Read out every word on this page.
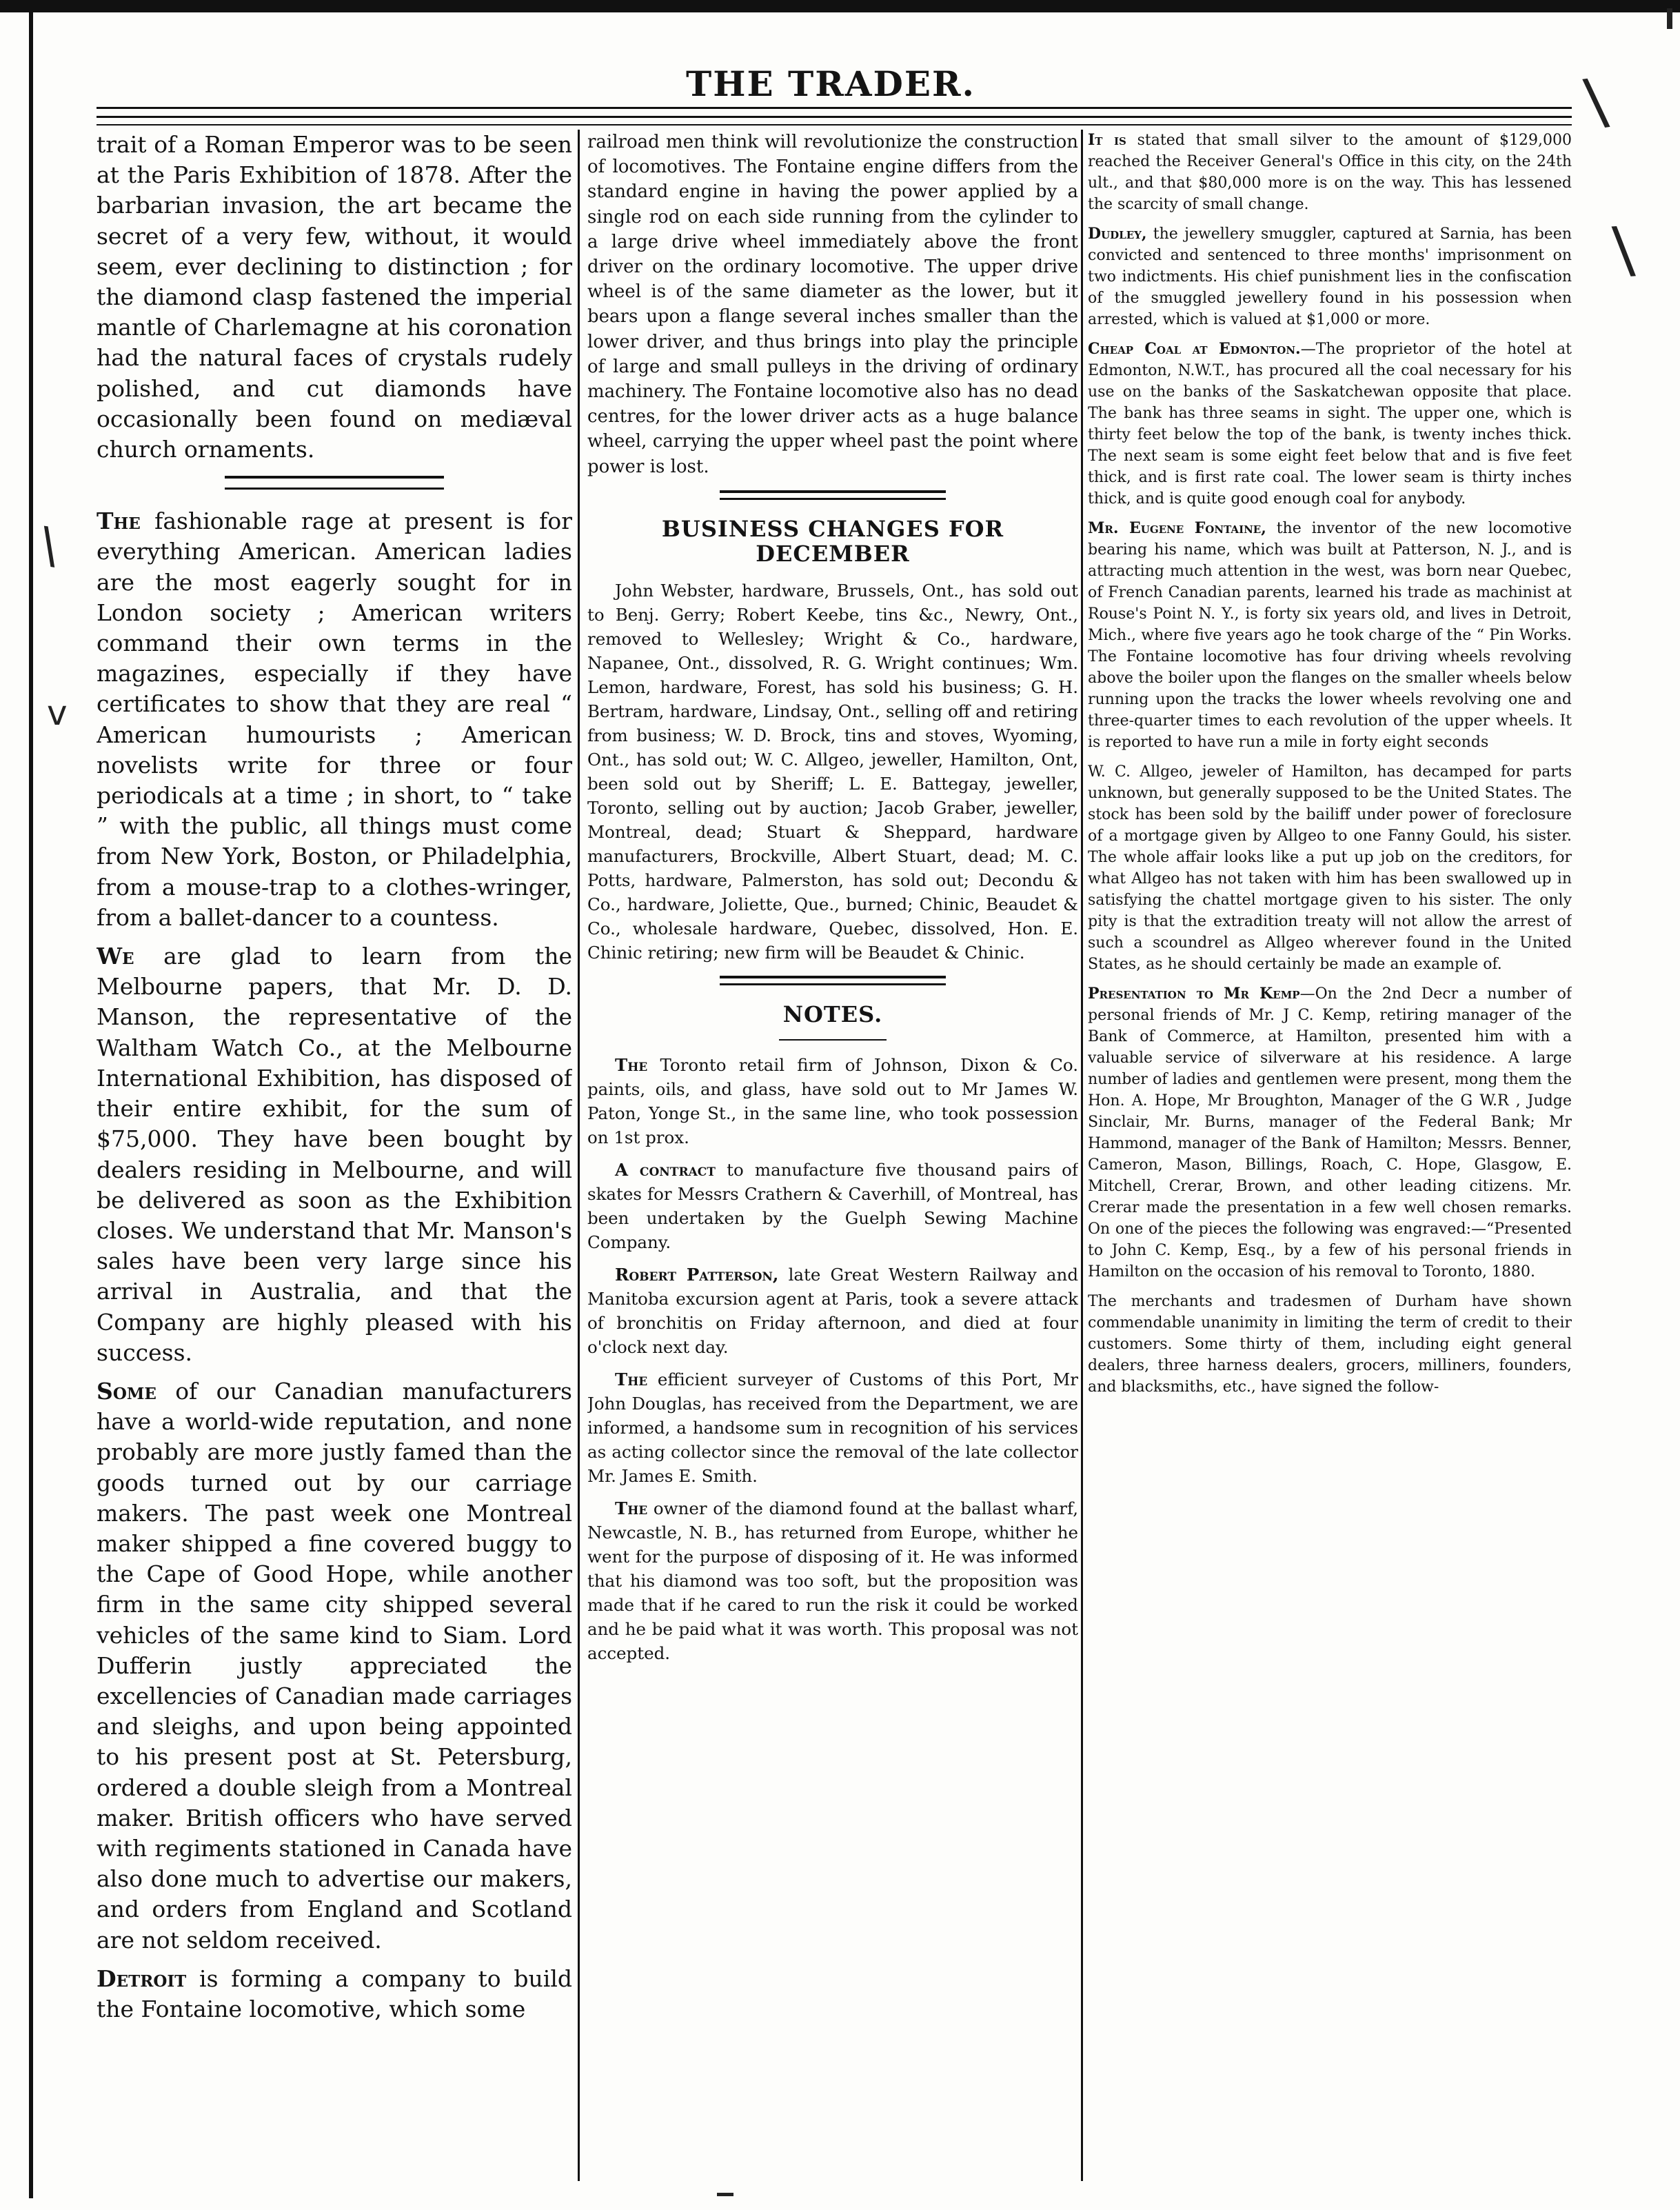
THE TRADER.

trait of a Roman Emperor was to be seen at the Paris Exhibition of 1878. After the barbarian invasion, the art became the secret of a very few, without, it would seem, ever declining to distinction ; for the diamond clasp fastened the imperial mantle of Charlemagne at his coronation had the natural faces of crystals rudely polished, and cut diamonds have occasionally been found on mediæval church ornaments.

The fashionable rage at present is for everything American. American ladies are the most eagerly sought for in London society ; American writers command their own terms in the magazines, especially if they have certificates to show that they are real “ American humourists ; American novelists write for three or four periodicals at a time ; in short, to “ take ” with the public, all things must come from New York, Boston, or Philadelphia, from a mouse-trap to a clothes-wringer, from a ballet-dancer to a countess.

We are glad to learn from the Melbourne papers, that Mr. D. D. Manson, the representative of the Waltham Watch Co., at the Melbourne International Exhibition, has disposed of their entire exhibit, for the sum of $75,000. They have been bought by dealers residing in Melbourne, and will be delivered as soon as the Exhibition closes. We understand that Mr. Manson's sales have been very large since his arrival in Australia, and that the Company are highly pleased with his success.

Some of our Canadian manufacturers have a world-wide reputation, and none probably are more justly famed than the goods turned out by our carriage makers. The past week one Montreal maker shipped a fine covered buggy to the Cape of Good Hope, while another firm in the same city shipped several vehicles of the same kind to Siam. Lord Dufferin justly appreciated the excellencies of Canadian made carriages and sleighs, and upon being appointed to his present post at St. Petersburg, ordered a double sleigh from a Montreal maker. British officers who have served with regiments stationed in Canada have also done much to advertise our makers, and orders from England and Scotland are not seldom received.

Detroit is forming a company to build the Fontaine locomotive, which some

railroad men think will revolutionize the construction of locomotives. The Fontaine engine differs from the standard engine in having the power applied by a single rod on each side running from the cylinder to a large drive wheel immediately above the front driver on the ordinary locomotive. The upper drive wheel is of the same diameter as the lower, but it bears upon a flange several inches smaller than the lower driver, and thus brings into play the principle of large and small pulleys in the driving of ordinary machinery. The Fontaine locomotive also has no dead centres, for the lower driver acts as a huge balance wheel, carrying the upper wheel past the point where power is lost.

BUSINESS CHANGES FOR DECEMBER

John Webster, hardware, Brussels, Ont., has sold out to Benj. Gerry; Robert Keebe, tins &c., Newry, Ont., removed to Wellesley; Wright & Co., hardware, Napanee, Ont., dissolved, R. G. Wright continues; Wm. Lemon, hardware, Forest, has sold his business; G. H. Bertram, hardware, Lindsay, Ont., selling off and retiring from business; W. D. Brock, tins and stoves, Wyoming, Ont., has sold out; W. C. Allgeo, jeweller, Hamilton, Ont, been sold out by Sheriff; L. E. Battegay, jeweller, Toronto, selling out by auction; Jacob Graber, jeweller, Montreal, dead; Stuart & Sheppard, hardware manufacturers, Brockville, Albert Stuart, dead; M. C. Potts, hardware, Palmerston, has sold out; Decondu & Co., hardware, Joliette, Que., burned; Chinic, Beaudet & Co., wholesale hardware, Quebec, dissolved, Hon. E. Chinic retiring; new firm will be Beaudet & Chinic.

NOTES.

The Toronto retail firm of Johnson, Dixon & Co. paints, oils, and glass, have sold out to Mr James W. Paton, Yonge St., in the same line, who took possession on 1st prox.

A contract to manufacture five thousand pairs of skates for Messrs Crathern & Caverhill, of Montreal, has been undertaken by the Guelph Sewing Machine Company.

Robert Patterson, late Great Western Railway and Manitoba excursion agent at Paris, took a severe attack of bronchitis on Friday afternoon, and died at four o'clock next day.

The efficient surveyer of Customs of this Port, Mr John Douglas, has received from the Department, we are informed, a handsome sum in recognition of his services as acting collector since the removal of the late collector Mr. James E. Smith.

The owner of the diamond found at the ballast wharf, Newcastle, N. B., has returned from Europe, whither he went for the purpose of disposing of it. He was informed that his diamond was too soft, but the proposition was made that if he cared to run the risk it could be worked and he be paid what it was worth. This proposal was not accepted.

It is stated that small silver to the amount of $129,000 reached the Receiver General's Office in this city, on the 24th ult., and that $80,000 more is on the way. This has lessened the scarcity of small change.

Dudley, the jewellery smuggler, captured at Sarnia, has been convicted and sentenced to three months' imprisonment on two indictments. His chief punishment lies in the confiscation of the smuggled jewellery found in his possession when arrested, which is valued at $1,000 or more.

Cheap Coal at Edmonton.—The proprietor of the hotel at Edmonton, N.W.T., has procured all the coal necessary for his use on the banks of the Saskatchewan opposite that place. The bank has three seams in sight. The upper one, which is thirty feet below the top of the bank, is twenty inches thick. The next seam is some eight feet below that and is five feet thick, and is first rate coal. The lower seam is thirty inches thick, and is quite good enough coal for anybody.

Mr. Eugene Fontaine, the inventor of the new locomotive bearing his name, which was built at Patterson, N. J., and is attracting much attention in the west, was born near Quebec, of French Canadian parents, learned his trade as machinist at Rouse's Point N. Y., is forty six years old, and lives in Detroit, Mich., where five years ago he took charge of the “ Pin Works. The Fontaine locomotive has four driving wheels revolving above the boiler upon the flanges on the smaller wheels below running upon the tracks the lower wheels revolving one and three-quarter times to each revolution of the upper wheels. It is reported to have run a mile in forty eight seconds

W. C. Allgeo, jeweler of Hamilton, has decamped for parts unknown, but generally supposed to be the United States. The stock has been sold by the bailiff under power of foreclosure of a mortgage given by Allgeo to one Fanny Gould, his sister. The whole affair looks like a put up job on the creditors, for what Allgeo has not taken with him has been swallowed up in satisfying the chattel mortgage given to his sister. The only pity is that the extradition treaty will not allow the arrest of such a scoundrel as Allgeo wherever found in the United States, as he should certainly be made an example of.

Presentation to Mr Kemp—On the 2nd Decr a number of personal friends of Mr. J C. Kemp, retiring manager of the Bank of Commerce, at Hamilton, presented him with a valuable service of silverware at his residence. A large number of ladies and gentlemen were present, mong them the Hon. A. Hope, Mr Broughton, Manager of the G W.R , Judge Sinclair, Mr. Burns, manager of the Federal Bank; Mr Hammond, manager of the Bank of Hamilton; Messrs. Benner, Cameron, Mason, Billings, Roach, C. Hope, Glasgow, E. Mitchell, Crerar, Brown, and other leading citizens. Mr. Crerar made the presentation in a few well chosen remarks. On one of the pieces the following was engraved:—“Presented to John C. Kemp, Esq., by a few of his personal friends in Hamilton on the occasion of his removal to Toronto, 1880.

The merchants and tradesmen of Durham have shown commendable unanimity in limiting the term of credit to their customers. Some thirty of them, including eight general dealers, three harness dealers, grocers, milliners, founders, and blacksmiths, etc., have signed the follow-

\
\
\
v
